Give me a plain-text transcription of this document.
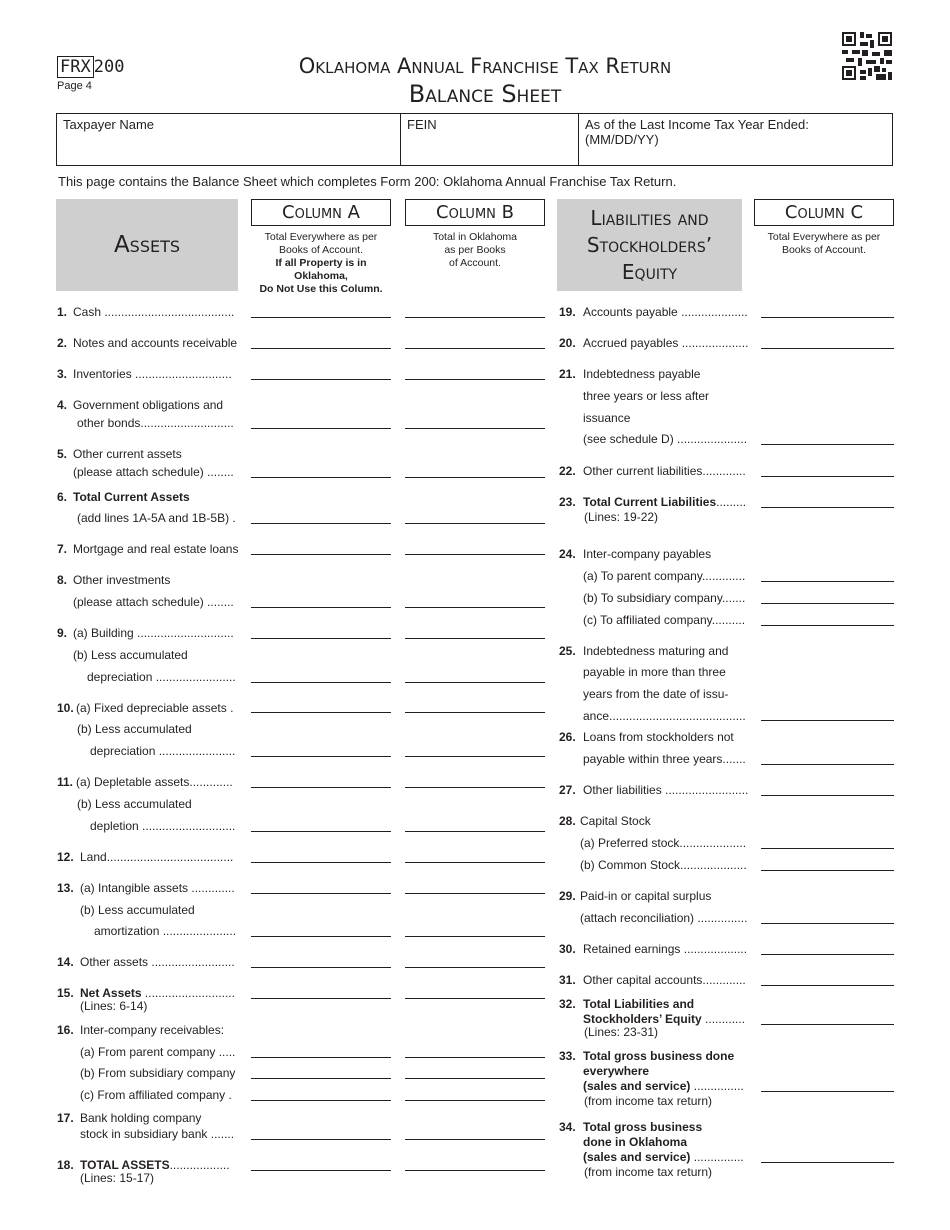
FRX 200
Page 4
Oklahoma Annual Franchise Tax Return
Balance Sheet
Taxpayer Name	FEIN	As of the Last Income Tax Year Ended: (MM/DD/YY)
This page contains the Balance Sheet which completes Form 200: Oklahoma Annual Franchise Tax Return.
Assets
Liabilities and
Stockholders’
Equity
Column A	Column B	Column C
Total Everywhere as per
Books of Account.
If all Property is in
Oklahoma,
Do Not Use this Column.
Total in Oklahoma
as per Books
of Account.
Total Everywhere as per
Books of Account.
1. Cash .......................................
2. Notes and accounts receivable
3. Inventories .............................
4. Government obligations and
other bonds............................
5. Other current assets
(please attach schedule) ........
6. Total Current Assets
(add lines 1A-5A and 1B-5B) .
7. Mortgage and real estate loans
8. Other investments
(please attach schedule) ........
9. (a) Building .............................
(b) Less accumulated
depreciation ........................
10. (a) Fixed depreciable assets .
(b) Less accumulated
depreciation .......................
11. (a) Depletable assets.............
(b) Less accumulated
depletion ............................
12. Land......................................
13. (a) Intangible assets .............
(b) Less accumulated
amortization ......................
14. Other assets .........................
15. Net Assets ...........................
(Lines: 6-14)
16. Inter-company receivables:
(a) From parent company .....
(b) From subsidiary company
(c) From affiliated company .
17. Bank holding company
stock in subsidiary bank .......
18. TOTAL ASSETS..................
(Lines: 15-17)
19. Accounts payable ....................
20. Accrued payables ....................
21. Indebtedness payable
three years or less after
issuance
(see schedule D) .....................
22. Other current liabilities.............
23. Total Current Liabilities.........
(Lines: 19-22)
24. Inter-company payables
(a) To parent company.............
(b) To subsidiary company.......
(c) To affiliated company..........
25. Indebtedness maturing and
payable in more than three
years from the date of issu-
ance.........................................
26. Loans from stockholders not
payable within three years.......
27. Other liabilities .........................
28. Capital Stock
(a) Preferred stock....................
(b) Common Stock....................
29. Paid-in or capital surplus
(attach reconciliation) ...............
30. Retained earnings ...................
31. Other capital accounts.............
32. Total Liabilities and
Stockholders’ Equity ............
(Lines: 23-31)
33. Total gross business done
everywhere
(sales and service) ...............
(from income tax return)
34. Total gross business
done in Oklahoma
(sales and service) ...............
(from income tax return)
